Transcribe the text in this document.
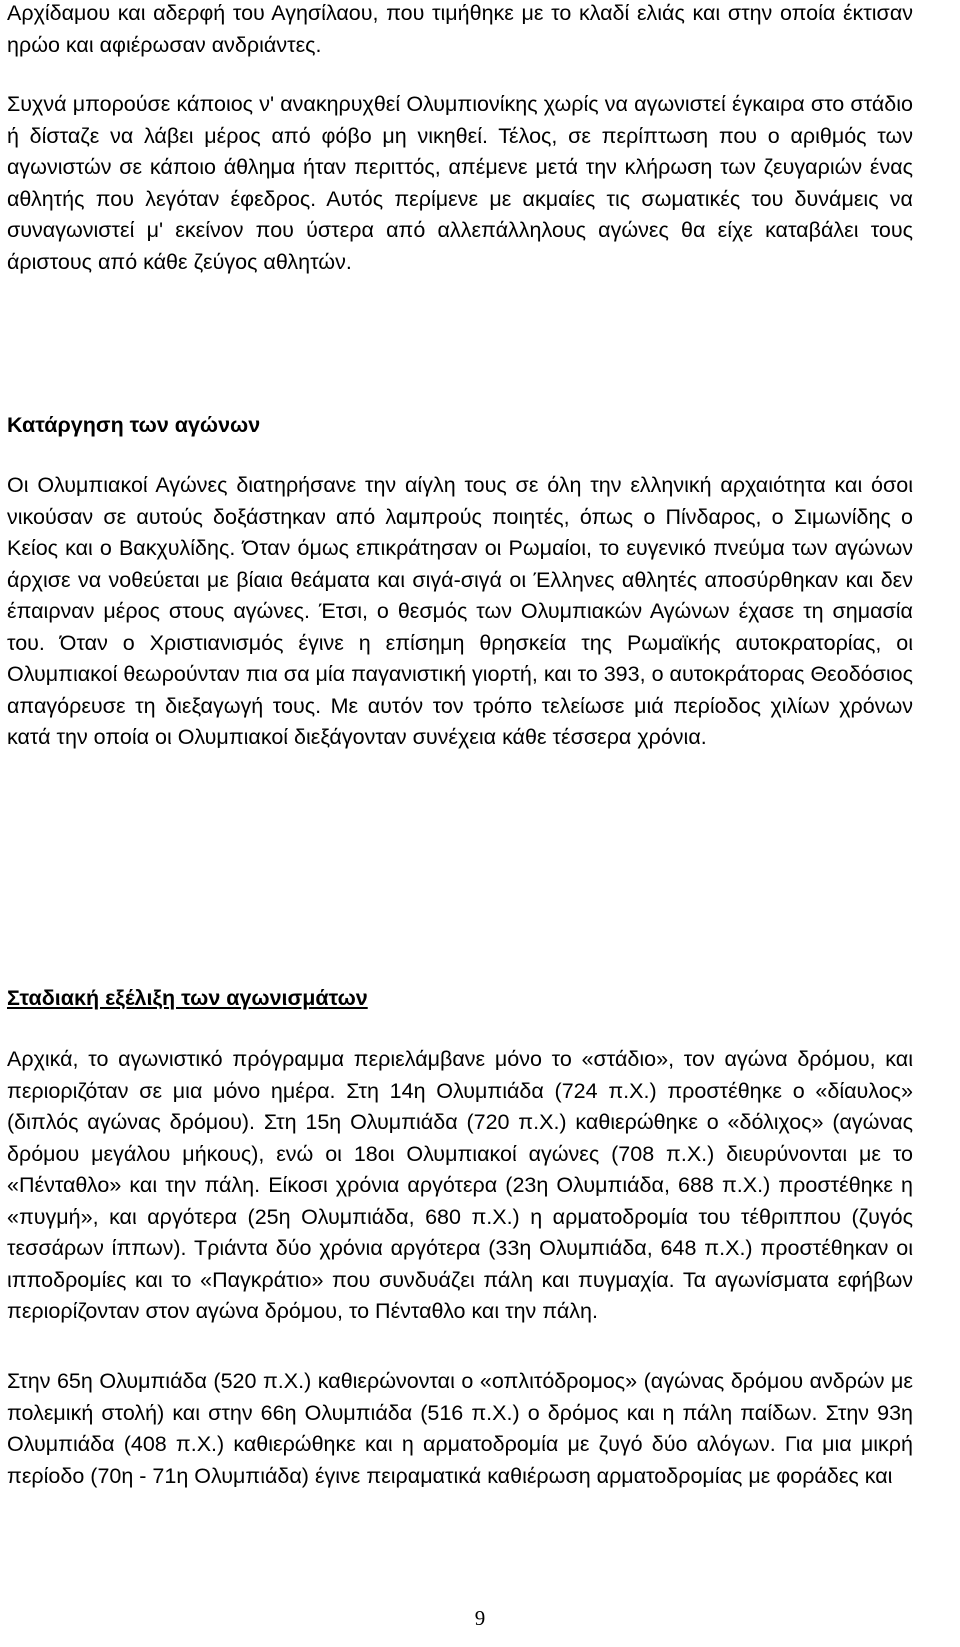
Αρχίδαμου και αδερφή του Αγησίλαου, που τιμήθηκε με το κλαδί ελιάς και στην οποία έκτισαν ηρώο και αφιέρωσαν ανδριάντες.

Συχνά μπορούσε κάποιος ν' ανακηρυχθεί Ολυμπιονίκης χωρίς να αγωνιστεί έγκαιρα στο στάδιο ή δίσταζε να λάβει μέρος από φόβο μη νικηθεί. Τέλος, σε περίπτωση που ο αριθμός των αγωνιστών σε κάποιο άθλημα ήταν περιττός, απέμενε μετά την κλήρωση των ζευγαριών ένας αθλητής που λεγόταν έφεδρος. Αυτός περίμενε με ακμαίες τις σωματικές του δυνάμεις να συναγωνιστεί μ' εκείνον που ύστερα από αλλεπάλληλους αγώνες θα είχε καταβάλει τους άριστους από κάθε ζεύγος αθλητών.

Κατάργηση των αγώνων

Οι Ολυμπιακοί Αγώνες διατηρήσανε την αίγλη τους σε όλη την ελληνική αρχαιότητα και όσοι νικούσαν σε αυτούς δοξάστηκαν από λαμπρούς ποιητές, όπως ο Πίνδαρος, ο Σιμωνίδης ο Κείος και ο Βακχυλίδης. Όταν όμως επικράτησαν οι Ρωμαίοι, το ευγενικό πνεύμα των αγώνων άρχισε να νοθεύεται με βίαια θεάματα και σιγά-σιγά οι Έλληνες αθλητές αποσύρθηκαν και δεν έπαιρναν μέρος στους αγώνες. Έτσι, ο θεσμός των Ολυμπιακών Αγώνων έχασε τη σημασία του. Όταν ο Χριστιανισμός έγινε η επίσημη θρησκεία της Ρωμαϊκής αυτοκρατορίας, οι Ολυμπιακοί θεωρούνταν πια σα μία παγανιστική γιορτή, και το 393, ο αυτοκράτορας Θεοδόσιος απαγόρευσε τη διεξαγωγή τους. Με αυτόν τον τρόπο τελείωσε μιά περίοδος χιλίων χρόνων κατά την οποία οι Ολυμπιακοί διεξάγονταν συνέχεια κάθε τέσσερα χρόνια.

Σταδιακή εξέλιξη των αγωνισμάτων

Αρχικά, το αγωνιστικό πρόγραμμα περιελάμβανε μόνο το «στάδιο», τον αγώνα δρόμου, και περιοριζόταν σε μια μόνο ημέρα. Στη 14η Ολυμπιάδα (724 π.Χ.) προστέθηκε ο «δίαυλος» (διπλός αγώνας δρόμου). Στη 15η Ολυμπιάδα (720 π.Χ.) καθιερώθηκε ο «δόλιχος» (αγώνας δρόμου μεγάλου μήκους), ενώ οι 18οι Ολυμπιακοί αγώνες (708 π.Χ.) διευρύνονται με το «Πένταθλο» και την πάλη. Είκοσι χρόνια αργότερα (23η Ολυμπιάδα, 688 π.Χ.) προστέθηκε η «πυγμή», και αργότερα (25η Ολυμπιάδα, 680 π.Χ.) η αρματοδρομία του τέθριππου (ζυγός τεσσάρων ίππων). Τριάντα δύο χρόνια αργότερα (33η Ολυμπιάδα, 648 π.Χ.) προστέθηκαν οι ιπποδρομίες και το «Παγκράτιο» που συνδυάζει πάλη και πυγμαχία. Τα αγωνίσματα εφήβων περιορίζονταν στον αγώνα δρόμου, το Πένταθλο και την πάλη.

Στην 65η Ολυμπιάδα (520 π.Χ.) καθιερώνονται ο «οπλιτόδρομος» (αγώνας δρόμου ανδρών με πολεμική στολή) και στην 66η Ολυμπιάδα (516 π.Χ.) ο δρόμος και η πάλη παίδων. Στην 93η Ολυμπιάδα (408 π.Χ.) καθιερώθηκε και η αρματοδρομία με ζυγό δύο αλόγων. Για μια μικρή περίοδο (70η - 71η Ολυμπιάδα) έγινε πειραματικά καθιέρωση αρματοδρομίας με φοράδες και

9
